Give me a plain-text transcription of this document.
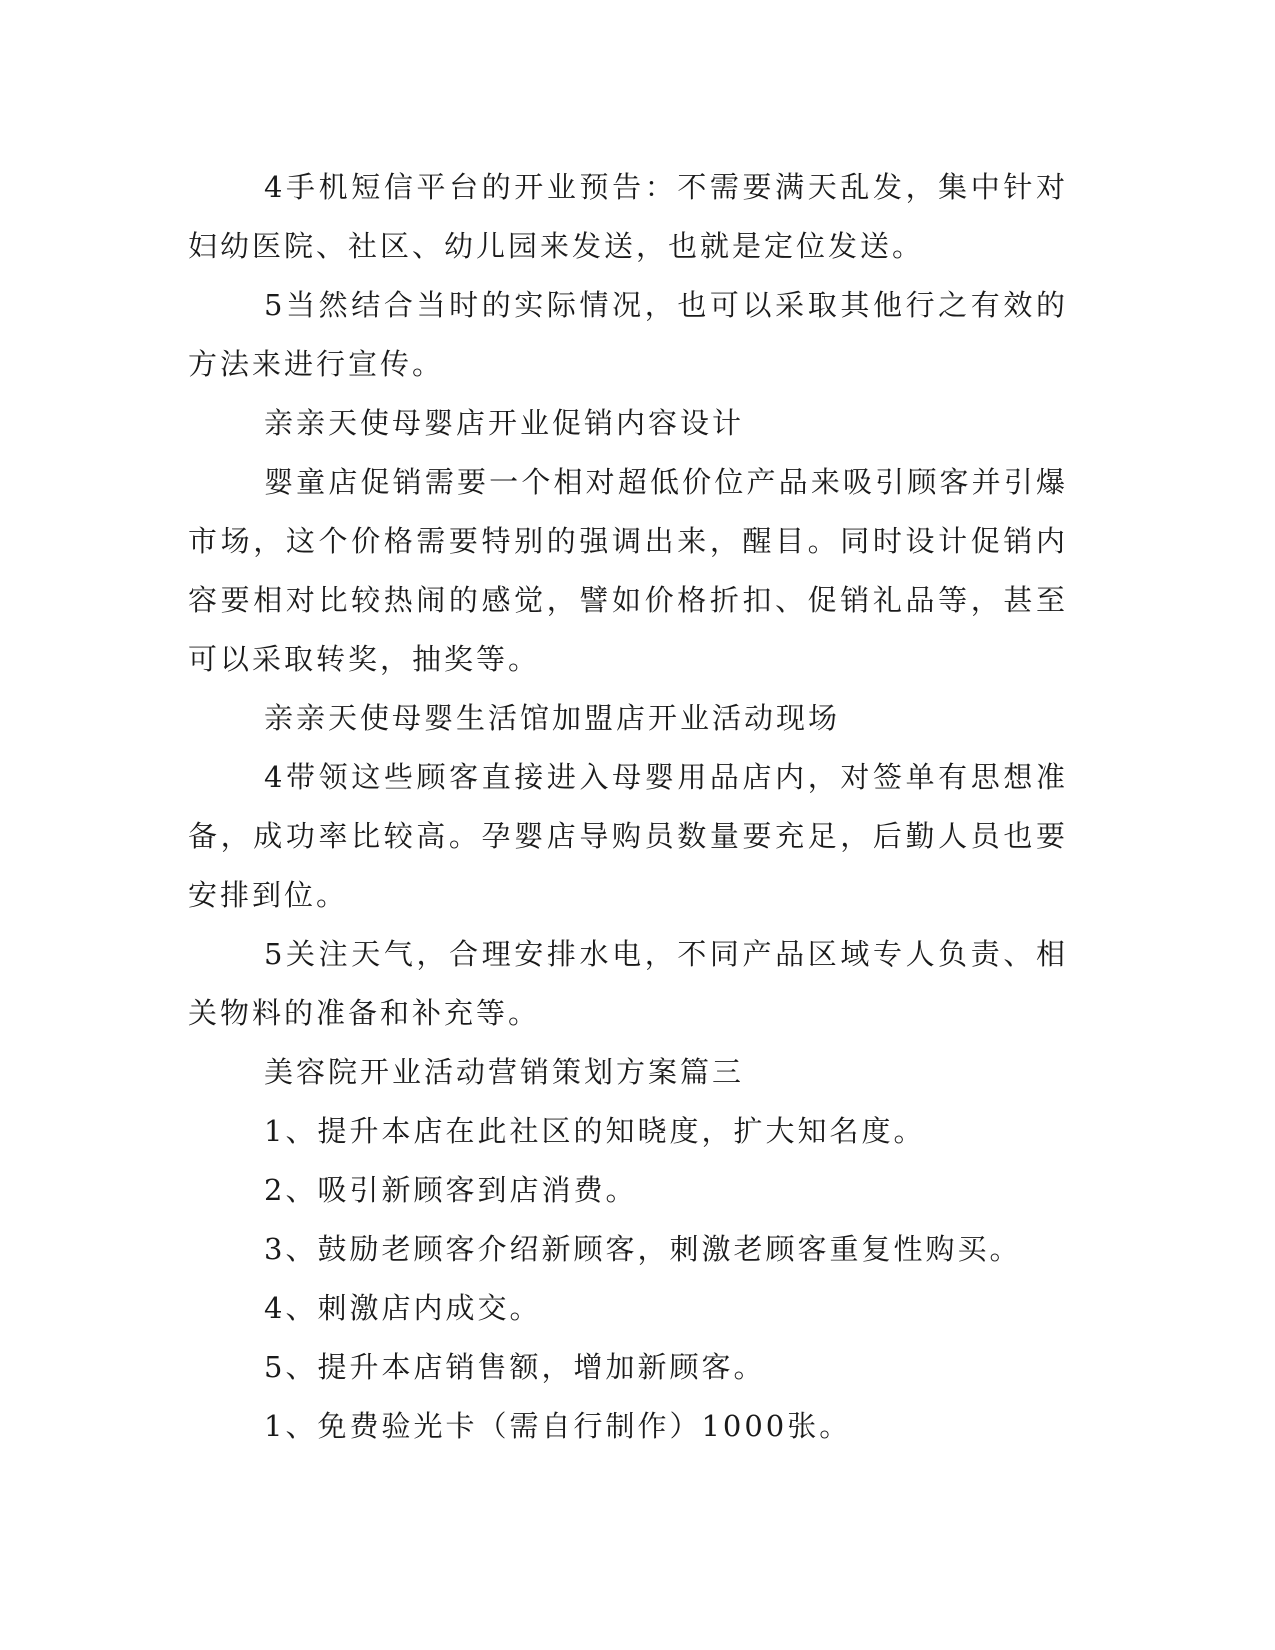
4手机短信平台的开业预告：不需要满天乱发，集中针对妇幼医院、社区、幼儿园来发送，也就是定位发送。

5当然结合当时的实际情况，也可以采取其他行之有效的方法来进行宣传。

亲亲天使母婴店开业促销内容设计

婴童店促销需要一个相对超低价位产品来吸引顾客并引爆市场，这个价格需要特别的强调出来，醒目。同时设计促销内容要相对比较热闹的感觉，譬如价格折扣、促销礼品等，甚至可以采取转奖，抽奖等。

亲亲天使母婴生活馆加盟店开业活动现场

4带领这些顾客直接进入母婴用品店内，对签单有思想准备，成功率比较高。孕婴店导购员数量要充足，后勤人员也要安排到位。

5关注天气，合理安排水电，不同产品区域专人负责、相关物料的准备和补充等。

美容院开业活动营销策划方案篇三

1、提升本店在此社区的知晓度，扩大知名度。

2、吸引新顾客到店消费。

3、鼓励老顾客介绍新顾客，刺激老顾客重复性购买。

4、刺激店内成交。

5、提升本店销售额，增加新顾客。

1、免费验光卡（需自行制作）1000张。
